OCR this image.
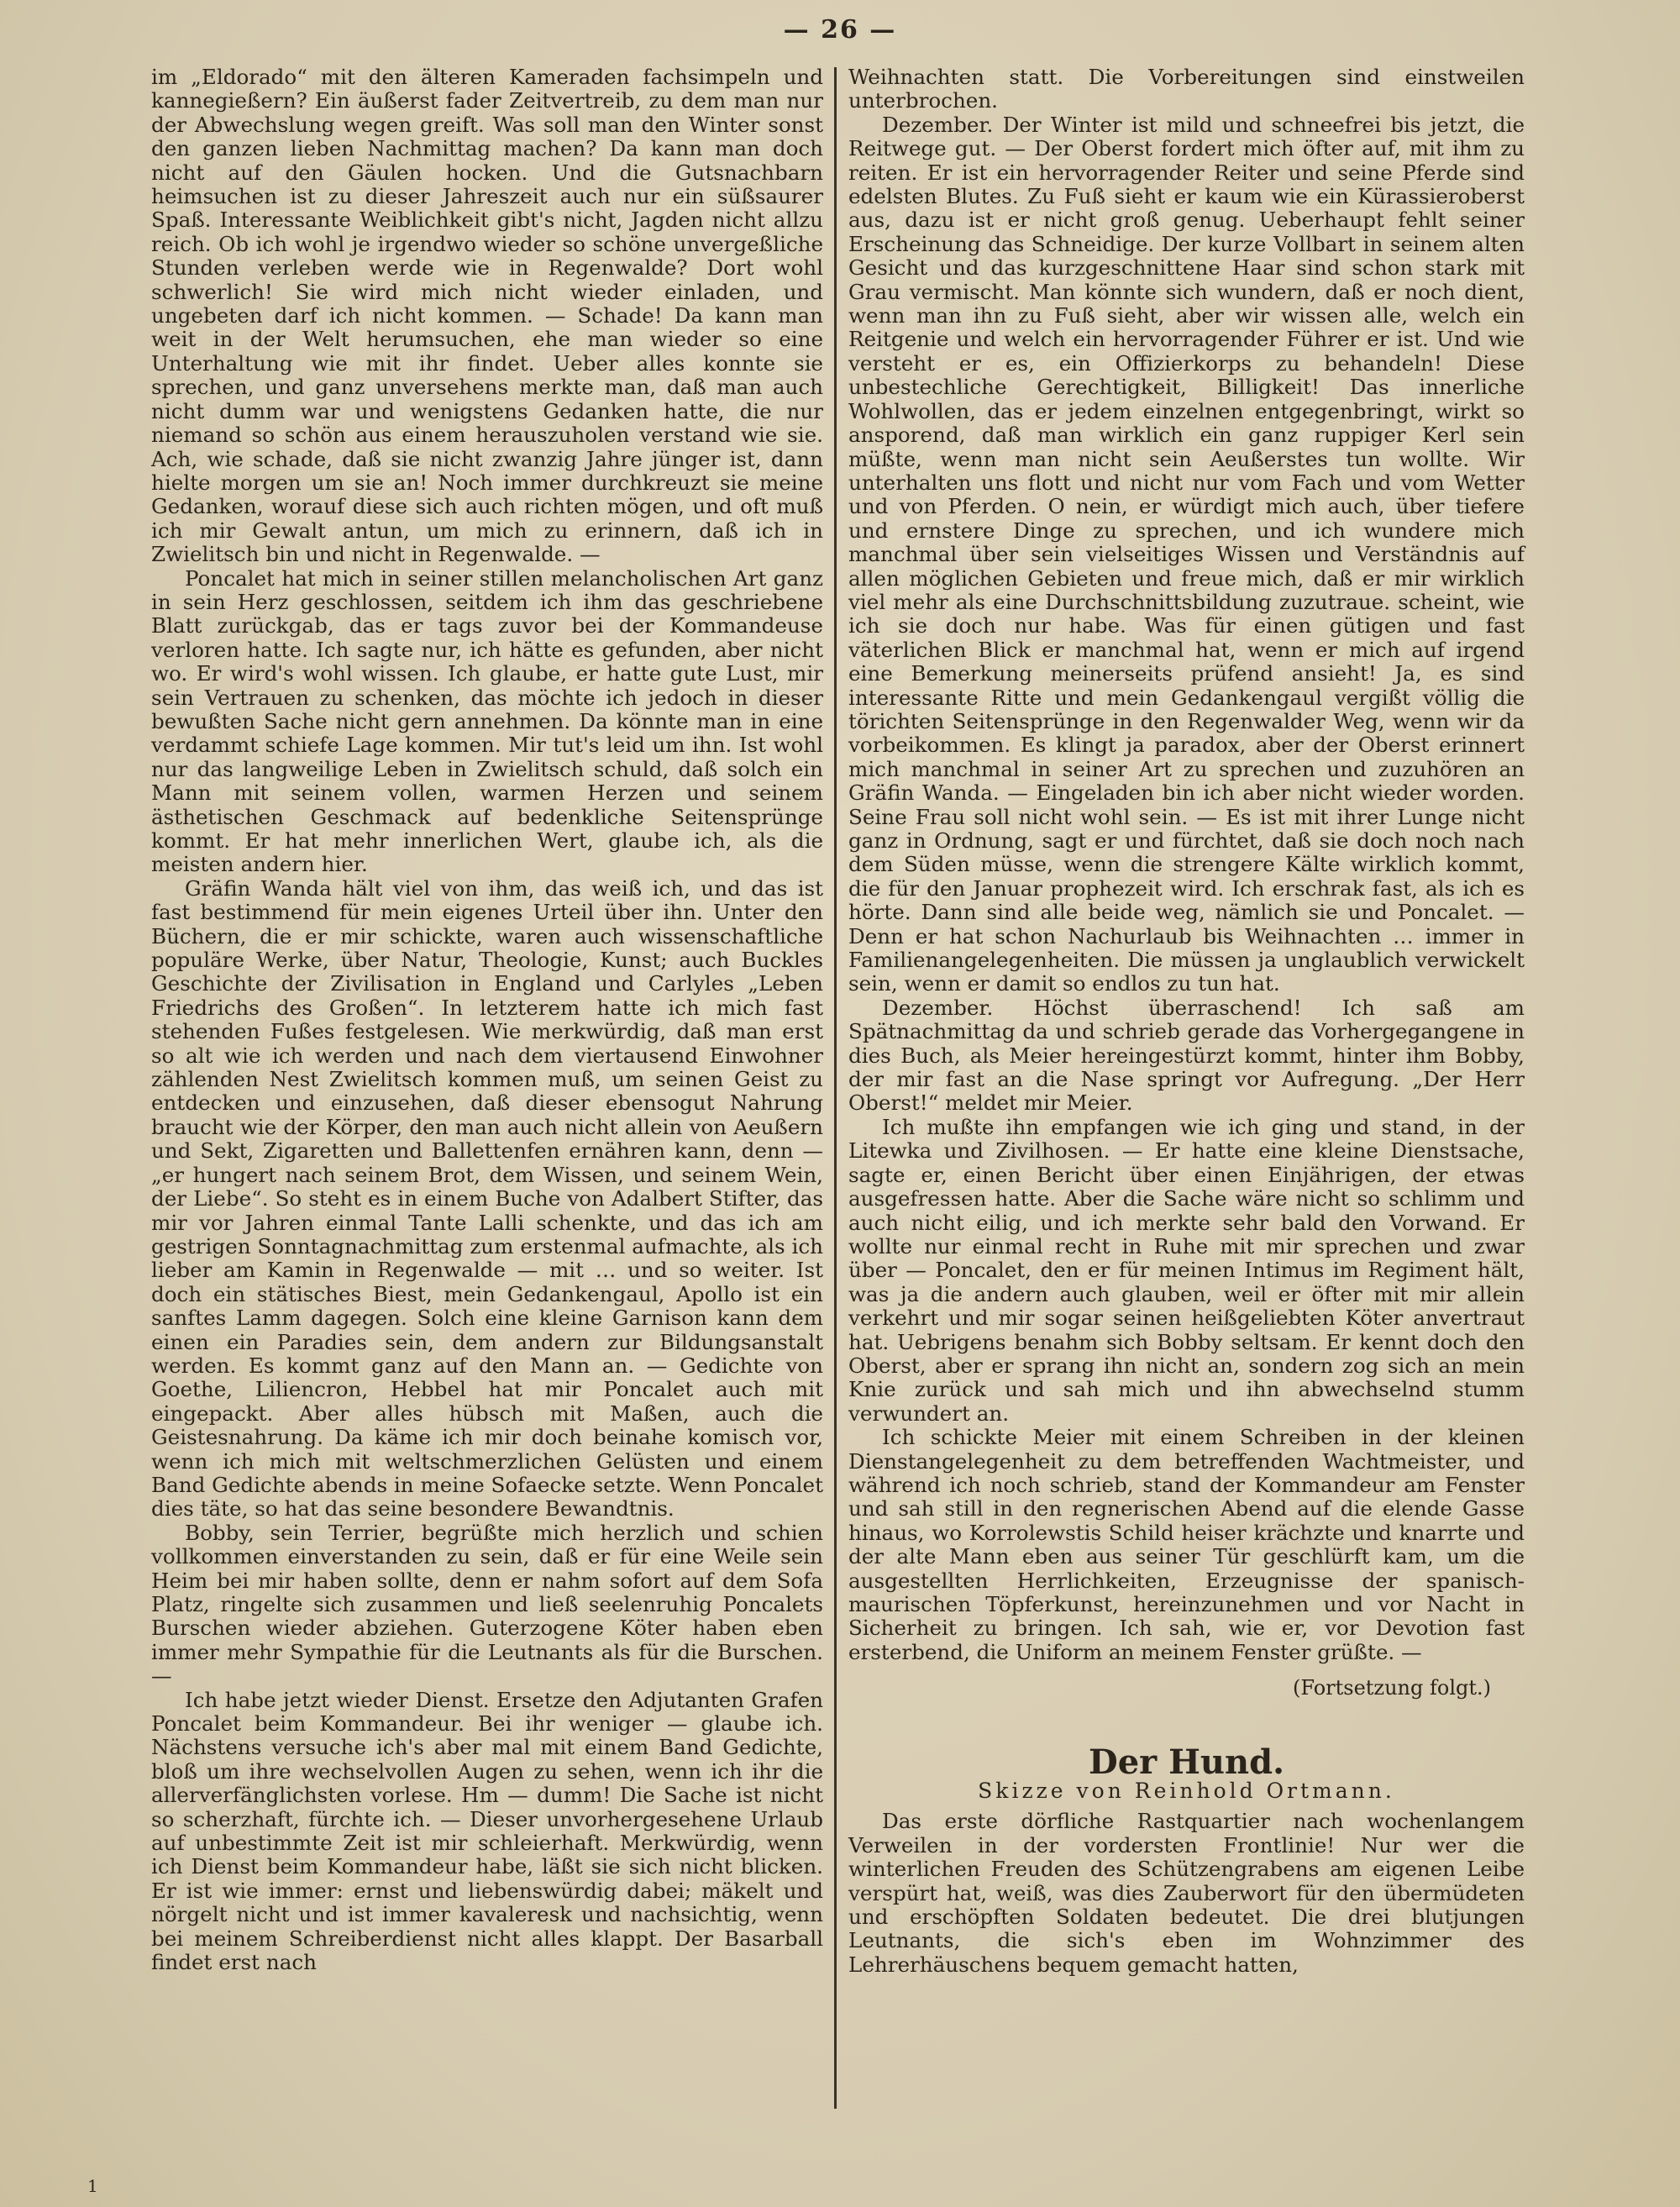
— 26 —

im „Eldorado“ mit den älteren Kameraden fachsimpeln und kannegießern? Ein äußerst fader Zeitvertreib, zu dem man nur der Abwechslung wegen greift. Was soll man den Winter sonst den ganzen lieben Nachmittag machen? Da kann man doch nicht auf den Gäulen hocken. Und die Gutsnachbarn heimsuchen ist zu dieser Jahreszeit auch nur ein süßsaurer Spaß. Interessante Weiblichkeit gibt's nicht, Jagden nicht allzu reich. Ob ich wohl je irgendwo wieder so schöne unvergeßliche Stunden verleben werde wie in Regenwalde? Dort wohl schwerlich! Sie wird mich nicht wieder einladen, und ungebeten darf ich nicht kommen. — Schade! Da kann man weit in der Welt herumsuchen, ehe man wieder so eine Unterhaltung wie mit ihr findet. Ueber alles konnte sie sprechen, und ganz unversehens merkte man, daß man auch nicht dumm war und wenigstens Gedanken hatte, die nur niemand so schön aus einem herauszuholen verstand wie sie. Ach, wie schade, daß sie nicht zwanzig Jahre jünger ist, dann hielte morgen um sie an! Noch immer durchkreuzt sie meine Gedanken, worauf diese sich auch richten mögen, und oft muß ich mir Gewalt antun, um mich zu erinnern, daß ich in Zwielitsch bin und nicht in Regenwalde. —

Poncalet hat mich in seiner stillen melancholischen Art ganz in sein Herz geschlossen, seitdem ich ihm das geschriebene Blatt zurückgab, das er tags zuvor bei der Kommandeuse verloren hatte. Ich sagte nur, ich hätte es gefunden, aber nicht wo. Er wird's wohl wissen. Ich glaube, er hatte gute Lust, mir sein Vertrauen zu schenken, das möchte ich jedoch in dieser bewußten Sache nicht gern annehmen. Da könnte man in eine verdammt schiefe Lage kommen. Mir tut's leid um ihn. Ist wohl nur das langweilige Leben in Zwielitsch schuld, daß solch ein Mann mit seinem vollen, warmen Herzen und seinem ästhetischen Geschmack auf bedenkliche Seitensprünge kommt. Er hat mehr innerlichen Wert, glaube ich, als die meisten andern hier.

Gräfin Wanda hält viel von ihm, das weiß ich, und das ist fast bestimmend für mein eigenes Urteil über ihn. Unter den Büchern, die er mir schickte, waren auch wissenschaftliche populäre Werke, über Natur, Theologie, Kunst; auch Buckles Geschichte der Zivilisation in England und Carlyles „Leben Friedrichs des Großen“. In letzterem hatte ich mich fast stehenden Fußes festgelesen. Wie merkwürdig, daß man erst so alt wie ich werden und nach dem viertausend Einwohner zählenden Nest Zwielitsch kommen muß, um seinen Geist zu entdecken und einzusehen, daß dieser ebensogut Nahrung braucht wie der Körper, den man auch nicht allein von Aeußern und Sekt, Zigaretten und Ballettenfen ernähren kann, denn — „er hungert nach seinem Brot, dem Wissen, und seinem Wein, der Liebe“. So steht es in einem Buche von Adalbert Stifter, das mir vor Jahren einmal Tante Lalli schenkte, und das ich am gestrigen Sonntagnachmittag zum erstenmal aufmachte, als ich lieber am Kamin in Regenwalde — mit … und so weiter. Ist doch ein stätisches Biest, mein Gedankengaul, Apollo ist ein sanftes Lamm dagegen. Solch eine kleine Garnison kann dem einen ein Paradies sein, dem andern zur Bildungsanstalt werden. Es kommt ganz auf den Mann an. — Gedichte von Goethe, Liliencron, Hebbel hat mir Poncalet auch mit eingepackt. Aber alles hübsch mit Maßen, auch die Geistesnahrung. Da käme ich mir doch beinahe komisch vor, wenn ich mich mit weltschmerzlichen Gelüsten und einem Band Gedichte abends in meine Sofaecke setzte. Wenn Poncalet dies täte, so hat das seine besondere Bewandtnis.

Bobby, sein Terrier, begrüßte mich herzlich und schien vollkommen einverstanden zu sein, daß er für eine Weile sein Heim bei mir haben sollte, denn er nahm sofort auf dem Sofa Platz, ringelte sich zusammen und ließ seelenruhig Poncalets Burschen wieder abziehen. Guterzogene Köter haben eben immer mehr Sympathie für die Leutnants als für die Burschen. —

Ich habe jetzt wieder Dienst. Ersetze den Adjutanten Grafen Poncalet beim Kommandeur. Bei ihr weniger — glaube ich. Nächstens versuche ich's aber mal mit einem Band Gedichte, bloß um ihre wechselvollen Augen zu sehen, wenn ich ihr die allerverfänglichsten vorlese. Hm — dumm! Die Sache ist nicht so scherzhaft, fürchte ich. — Dieser unvorhergesehene Urlaub auf unbestimmte Zeit ist mir schleierhaft. Merkwürdig, wenn ich Dienst beim Kommandeur habe, läßt sie sich nicht blicken. Er ist wie immer: ernst und liebenswürdig dabei; mäkelt und nörgelt nicht und ist immer kavaleresk und nachsichtig, wenn bei meinem Schreiberdienst nicht alles klappt. Der Basarball findet erst nach

Weihnachten statt. Die Vorbereitungen sind einstweilen unterbrochen.

Dezember. Der Winter ist mild und schneefrei bis jetzt, die Reitwege gut. — Der Oberst fordert mich öfter auf, mit ihm zu reiten. Er ist ein hervorragender Reiter und seine Pferde sind edelsten Blutes. Zu Fuß sieht er kaum wie ein Kürassieroberst aus, dazu ist er nicht groß genug. Ueberhaupt fehlt seiner Erscheinung das Schneidige. Der kurze Vollbart in seinem alten Gesicht und das kurzgeschnittene Haar sind schon stark mit Grau vermischt. Man könnte sich wundern, daß er noch dient, wenn man ihn zu Fuß sieht, aber wir wissen alle, welch ein Reitgenie und welch ein hervorragender Führer er ist. Und wie versteht er es, ein Offizierkorps zu behandeln! Diese unbestechliche Gerechtigkeit, Billigkeit! Das innerliche Wohlwollen, das er jedem einzelnen entgegenbringt, wirkt so ansporend, daß man wirklich ein ganz ruppiger Kerl sein müßte, wenn man nicht sein Aeußerstes tun wollte. Wir unterhalten uns flott und nicht nur vom Fach und vom Wetter und von Pferden. O nein, er würdigt mich auch, über tiefere und ernstere Dinge zu sprechen, und ich wundere mich manchmal über sein vielseitiges Wissen und Verständnis auf allen möglichen Gebieten und freue mich, daß er mir wirklich viel mehr als eine Durchschnittsbildung zuzutraue. scheint, wie ich sie doch nur habe. Was für einen gütigen und fast väterlichen Blick er manchmal hat, wenn er mich auf irgend eine Bemerkung meinerseits prüfend ansieht! Ja, es sind interessante Ritte und mein Gedankengaul vergißt völlig die törichten Seitensprünge in den Regenwalder Weg, wenn wir da vorbeikommen. Es klingt ja paradox, aber der Oberst erinnert mich manchmal in seiner Art zu sprechen und zuzuhören an Gräfin Wanda. — Eingeladen bin ich aber nicht wieder worden. Seine Frau soll nicht wohl sein. — Es ist mit ihrer Lunge nicht ganz in Ordnung, sagt er und fürchtet, daß sie doch noch nach dem Süden müsse, wenn die strengere Kälte wirklich kommt, die für den Januar prophezeit wird. Ich erschrak fast, als ich es hörte. Dann sind alle beide weg, nämlich sie und Poncalet. — Denn er hat schon Nachurlaub bis Weihnachten … immer in Familienangelegenheiten. Die müssen ja unglaublich verwickelt sein, wenn er damit so endlos zu tun hat.

Dezember. Höchst überraschend! Ich saß am Spätnachmittag da und schrieb gerade das Vorhergegangene in dies Buch, als Meier hereingestürzt kommt, hinter ihm Bobby, der mir fast an die Nase springt vor Aufregung. „Der Herr Oberst!“ meldet mir Meier.

Ich mußte ihn empfangen wie ich ging und stand, in der Litewka und Zivilhosen. — Er hatte eine kleine Dienstsache, sagte er, einen Bericht über einen Einjährigen, der etwas ausgefressen hatte. Aber die Sache wäre nicht so schlimm und auch nicht eilig, und ich merkte sehr bald den Vorwand. Er wollte nur einmal recht in Ruhe mit mir sprechen und zwar über — Poncalet, den er für meinen Intimus im Regiment hält, was ja die andern auch glauben, weil er öfter mit mir allein verkehrt und mir sogar seinen heißgeliebten Köter anvertraut hat. Uebrigens benahm sich Bobby seltsam. Er kennt doch den Oberst, aber er sprang ihn nicht an, sondern zog sich an mein Knie zurück und sah mich und ihn abwechselnd stumm verwundert an.

Ich schickte Meier mit einem Schreiben in der kleinen Dienstangelegenheit zu dem betreffenden Wachtmeister, und während ich noch schrieb, stand der Kommandeur am Fenster und sah still in den regnerischen Abend auf die elende Gasse hinaus, wo Korrolewstis Schild heiser krächzte und knarrte und der alte Mann eben aus seiner Tür geschlürft kam, um die ausgestellten Herrlichkeiten, Erzeugnisse der spanisch-maurischen Töpferkunst, hereinzunehmen und vor Nacht in Sicherheit zu bringen. Ich sah, wie er, vor Devotion fast ersterbend, die Uniform an meinem Fenster grüßte. —

(Fortsetzung folgt.)

Der Hund.

Skizze von Reinhold Ortmann.

Das erste dörfliche Rastquartier nach wochenlangem Verweilen in der vordersten Frontlinie! Nur wer die winterlichen Freuden des Schützengrabens am eigenen Leibe verspürt hat, weiß, was dies Zauberwort für den übermüdeten und erschöpften Soldaten bedeutet. Die drei blutjungen Leutnants, die sich's eben im Wohnzimmer des Lehrerhäuschens bequem gemacht hatten,

1
